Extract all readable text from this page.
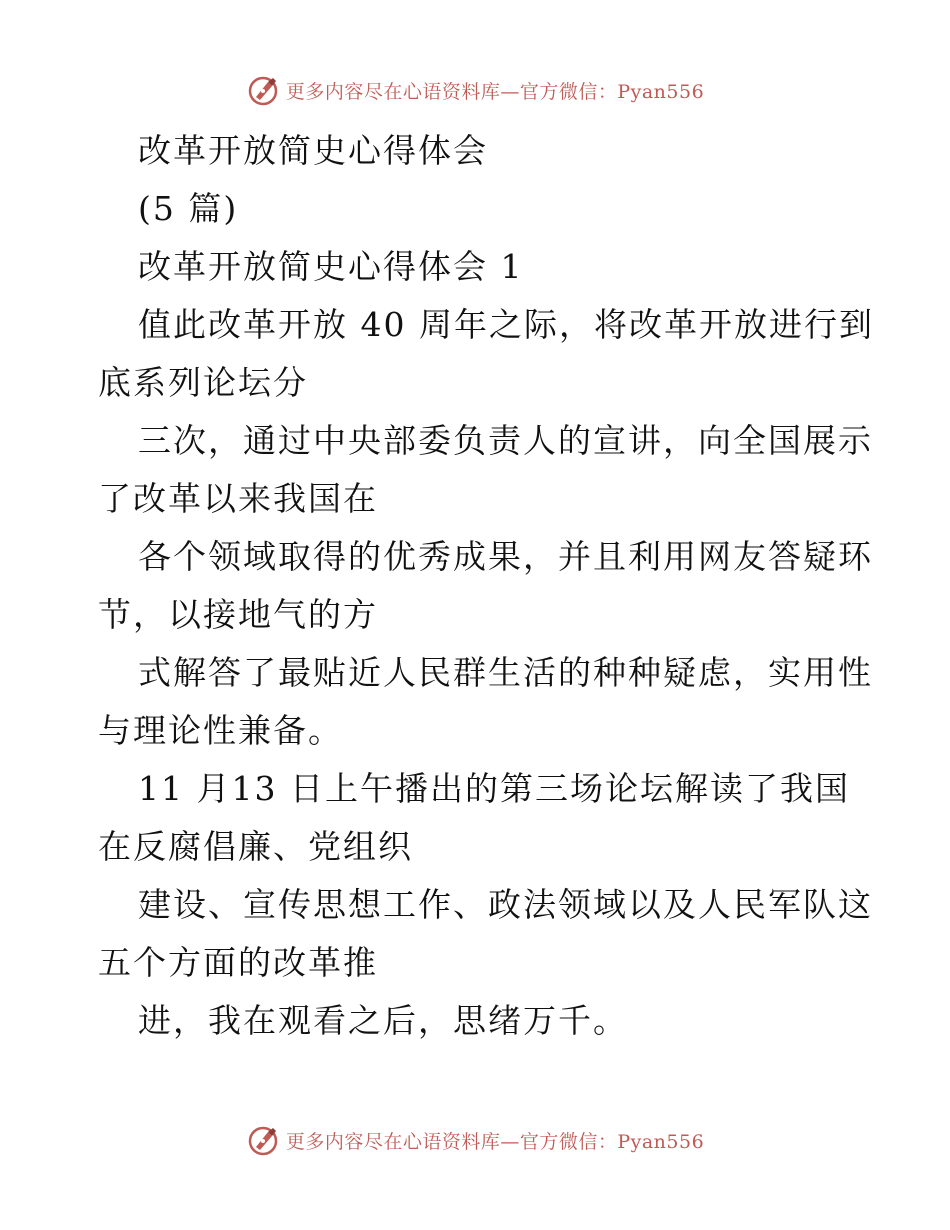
更多内容尽在心语资料库—官方微信：Pyan556
改革开放简史心得体会
(5 篇)
改革开放简史心得体会 1
值此改革开放 40 周年之际，将改革开放进行到
底系列论坛分
三次，通过中央部委负责人的宣讲，向全国展示
了改革以来我国在
各个领域取得的优秀成果，并且利用网友答疑环
节，以接地气的方
式解答了最贴近人民群生活的种种疑虑，实用性
与理论性兼备。
11 月13 日上午播出的第三场论坛解读了我国
在反腐倡廉、党组织
建设、宣传思想工作、政法领域以及人民军队这
五个方面的改革推
进，我在观看之后，思绪万千。
更多内容尽在心语资料库—官方微信：Pyan556
